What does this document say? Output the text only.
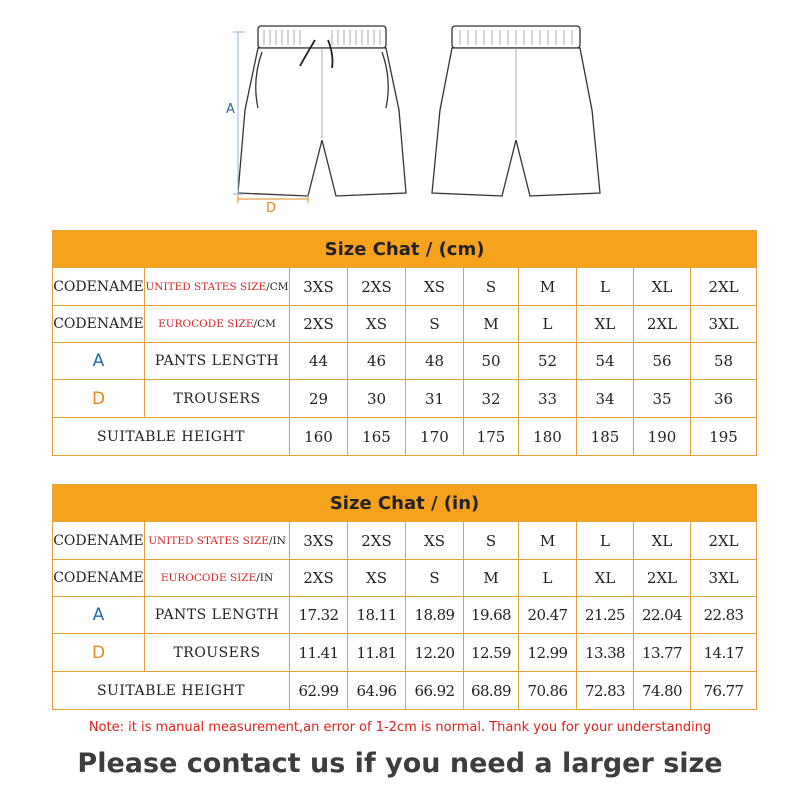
A
D
Size Chat / (cm)									
CODENAME	UNITED STATES SIZE/CM	3XS	2XS	XS	S	M	L	XL	2XL
CODENAME	EUROCODE SIZE/CM	2XS	XS	S	M	L	XL	2XL	3XL
A	PANTS LENGTH	44	46	48	50	52	54	56	58
D	TROUSERS	29	30	31	32	33	34	35	36
SUITABLE HEIGHT		160	165	170	175	180	185	190	195
Size Chat / (in)									
CODENAME	UNITED STATES SIZE/IN	3XS	2XS	XS	S	M	L	XL	2XL
CODENAME	EUROCODE SIZE/IN	2XS	XS	S	M	L	XL	2XL	3XL
A	PANTS LENGTH	17.32	18.11	18.89	19.68	20.47	21.25	22.04	22.83
D	TROUSERS	11.41	11.81	12.20	12.59	12.99	13.38	13.77	14.17
SUITABLE HEIGHT		62.99	64.96	66.92	68.89	70.86	72.83	74.80	76.77
Note: it is manual measurement,an error of 1-2cm is normal. Thank you for your understanding
Please contact us if you need a larger size
